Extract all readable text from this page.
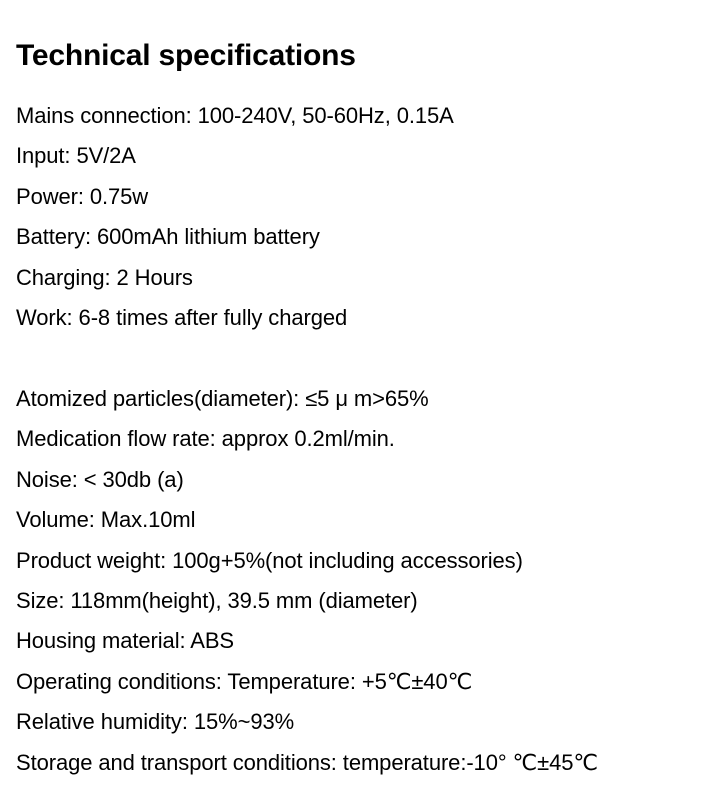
Technical specifications
Mains connection: 100-240V, 50-60Hz, 0.15A
Input: 5V/2A
Power: 0.75w
Battery: 600mAh lithium battery
Charging: 2 Hours
Work: 6-8 times after fully charged
Atomized particles(diameter): ≤5 μ m>65%
Medication flow rate: approx 0.2ml/min.
Noise: < 30db (a)
Volume: Max.10ml
Product weight: 100g+5%(not including accessories)
Size: 118mm(height), 39.5 mm (diameter)
Housing material: ABS
Operating conditions: Temperature: +5℃±40℃
Relative humidity: 15%~93%
Storage and transport conditions: temperature:-10° ℃±45℃
